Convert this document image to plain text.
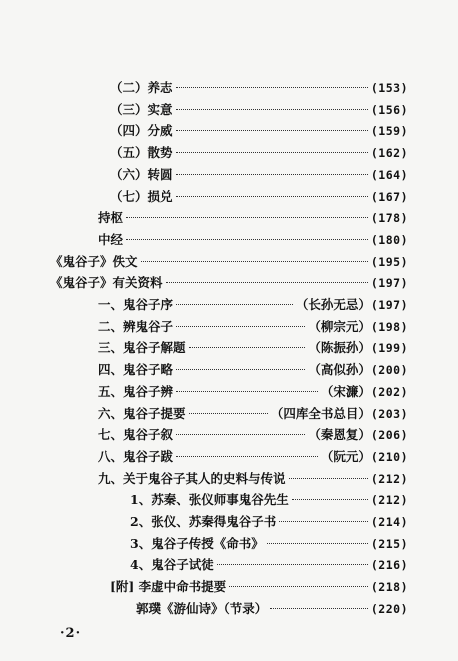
（二）养志	(153)
（三）实意	(156)
（四）分威	(159)
（五）散势	(162)
（六）转圆	(164)
（七）损兑	(167)
持枢	(178)
中经	(180)
《鬼谷子》佚文	(195)
《鬼谷子》有关资料	(197)
一、鬼谷子序	（长孙无忌） (197)
二、辨鬼谷子	（柳宗元） (198)
三、鬼谷子解题	（陈振孙） (199)
四、鬼谷子略	（高似孙） (200)
五、鬼谷子辨	（宋濂） (202)
六、鬼谷子提要	（四库全书总目） (203)
七、鬼谷子叙	（秦恩复） (206)
八、鬼谷子跋	（阮元） (210)
九、关于鬼谷子其人的史料与传说	(212)
1、苏秦、张仪师事鬼谷先生	(212)
2、张仪、苏秦得鬼谷子书	(214)
3、鬼谷子传授《命书》	(215)
4、鬼谷子试徒	(216)
[附] 李虚中命书提要	(218)
郭璞《游仙诗》（节录）	(220)
·2·
